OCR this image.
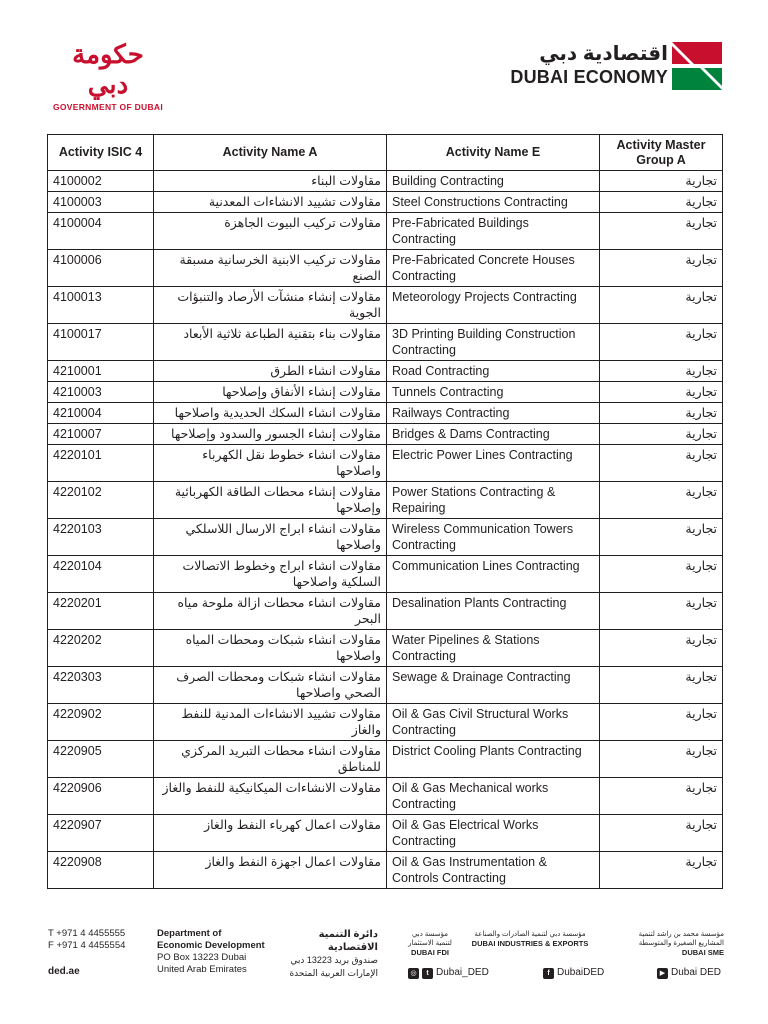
حكومة دبي
GOVERNMENT OF DUBAI
اقتصادية دبي
DUBAI ECONOMY
Activity ISIC 4	Activity Name A	Activity Name E	Activity Master Group A
4100002	مقاولات البناء	Building Contracting	تجارية
4100003	مقاولات تشييد الانشاءات المعدنية	Steel Constructions Contracting	تجارية
4100004	مقاولات تركيب البيوت الجاهزة	Pre-Fabricated Buildings Contracting	تجارية
4100006	مقاولات تركيب الابنية الخرسانية مسبقة الصنع	Pre-Fabricated Concrete Houses Contracting	تجارية
4100013	مقاولات إنشاء منشآت الأرصاد والتنبؤات الجوية	Meteorology Projects Contracting	تجارية
4100017	مقاولات بناء بتقنية الطباعة ثلاثية الأبعاد	3D Printing Building Construction Contracting	تجارية
4210001	مقاولات انشاء الطرق	Road Contracting	تجارية
4210003	مقاولات إنشاء الأنفاق وإصلاحها	Tunnels Contracting	تجارية
4210004	مقاولات انشاء السكك الحديدية واصلاحها	Railways Contracting	تجارية
4210007	مقاولات إنشاء الجسور والسدود وإصلاحها	Bridges & Dams Contracting	تجارية
4220101	مقاولات انشاء خطوط نقل الكهرباء واصلاحها	Electric Power Lines Contracting	تجارية
4220102	مقاولات إنشاء محطات الطاقة الكهربائية وإصلاحها	Power Stations Contracting & Repairing	تجارية
4220103	مقاولات انشاء ابراج الارسال اللاسلكي واصلاحها	Wireless Communication Towers Contracting	تجارية
4220104	مقاولات انشاء ابراج وخطوط الاتصالات السلكية واصلاحها	Communication Lines Contracting	تجارية
4220201	مقاولات انشاء محطات ازالة ملوحة مياه البحر	Desalination Plants Contracting	تجارية
4220202	مقاولات انشاء شبكات ومحطات المياه واصلاحها	Water Pipelines & Stations Contracting	تجارية
4220303	مقاولات انشاء شبكات ومحطات الصرف الصحي واصلاحها	Sewage & Drainage Contracting	تجارية
4220902	مقاولات تشييد الانشاءات المدنية للنفط والغاز	Oil & Gas Civil Structural Works Contracting	تجارية
4220905	مقاولات انشاء محطات التبريد المركزي للمناطق	District Cooling Plants Contracting	تجارية
4220906	مقاولات الانشاءات الميكانيكية للنفط والغاز	Oil & Gas Mechanical works Contracting	تجارية
4220907	مقاولات اعمال كهرباء النفط والغاز	Oil & Gas Electrical Works Contracting	تجارية
4220908	مقاولات اعمال اجهزة النفط والغاز	Oil & Gas Instrumentation & Controls Contracting	تجارية
T +971 4 4455555
F +971 4 4455554
ded.ae
Department of
Economic Development
PO Box 13223 Dubai
United Arab Emirates
دائرة التنمية
الاقتصادية
صندوق بريد 13223 دبي
الإمارات العربية المتحدة
مؤسسة دبي لتنمية الاستثمار
DUBAI FDI
مؤسسة دبي لتنمية الصادرات والصناعة
DUBAI INDUSTRIES & EXPORTS
مؤسسة محمد بن راشد لتنمية المشاريع الصغيرة والمتوسطة
DUBAI SME
◎	t Dubai_DED	f DubaiDED	▶ Dubai DED
